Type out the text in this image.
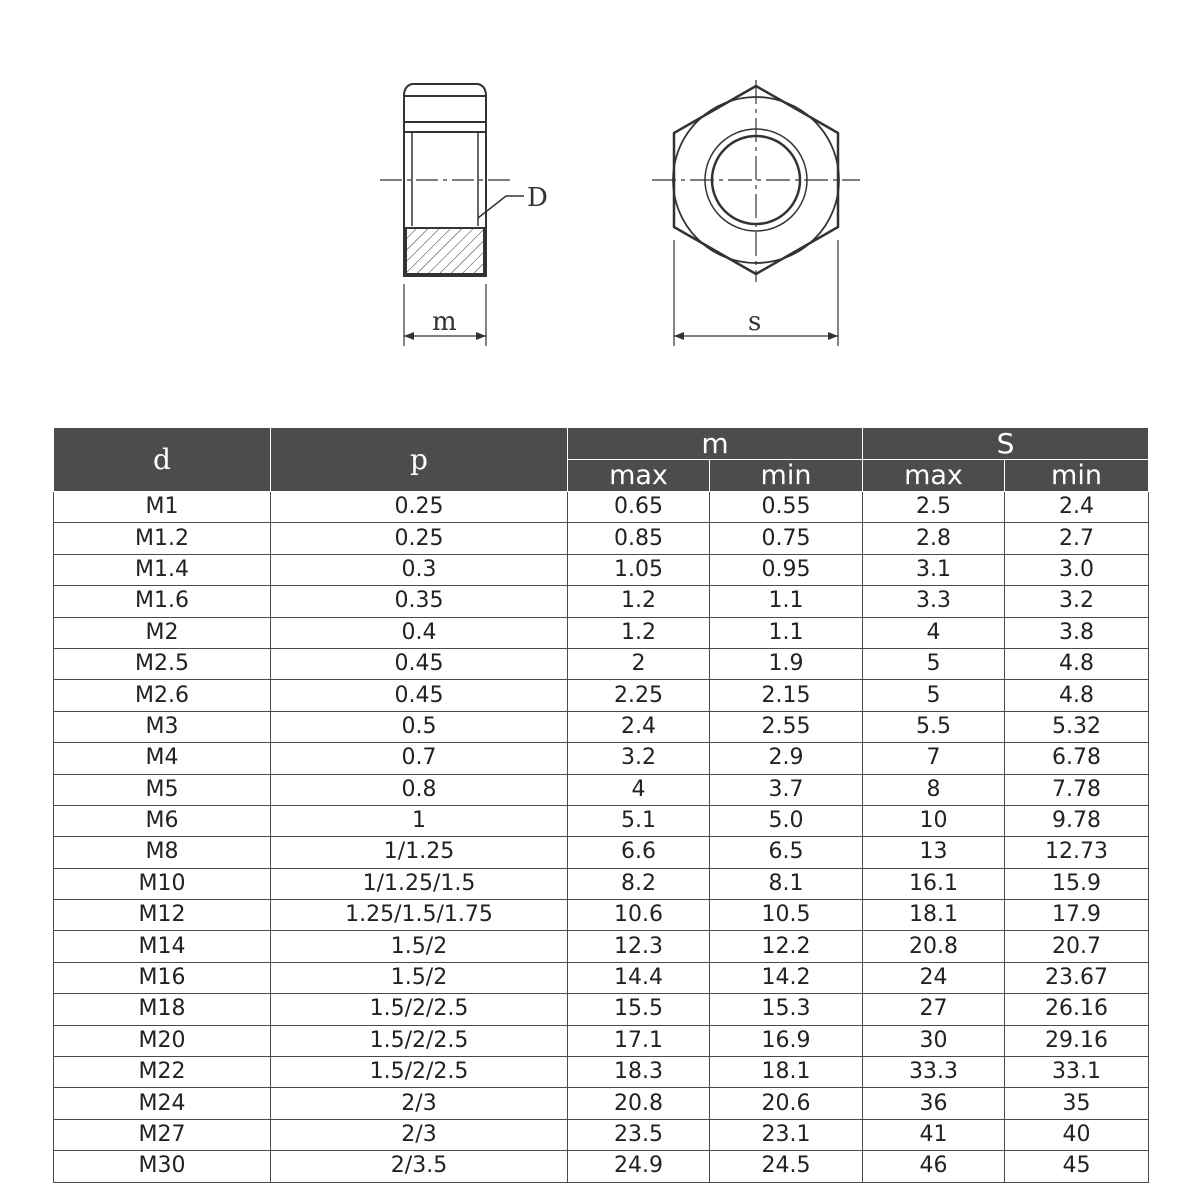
D
m	s
d	p	m		S	
		max	min	max	min
M1	0.25	0.65	0.55	2.5	2.4
M1.2	0.25	0.85	0.75	2.8	2.7
M1.4	0.3	1.05	0.95	3.1	3.0
M1.6	0.35	1.2	1.1	3.3	3.2
M2	0.4	1.2	1.1	4	3.8
M2.5	0.45	2	1.9	5	4.8
M2.6	0.45	2.25	2.15	5	4.8
M3	0.5	2.4	2.55	5.5	5.32
M4	0.7	3.2	2.9	7	6.78
M5	0.8	4	3.7	8	7.78
M6	1	5.1	5.0	10	9.78
M8	1/1.25	6.6	6.5	13	12.73
M10	1/1.25/1.5	8.2	8.1	16.1	15.9
M12	1.25/1.5/1.75	10.6	10.5	18.1	17.9
M14	1.5/2	12.3	12.2	20.8	20.7
M16	1.5/2	14.4	14.2	24	23.67
M18	1.5/2/2.5	15.5	15.3	27	26.16
M20	1.5/2/2.5	17.1	16.9	30	29.16
M22	1.5/2/2.5	18.3	18.1	33.3	33.1
M24	2/3	20.8	20.6	36	35
M27	2/3	23.5	23.1	41	40
M30	2/3.5	24.9	24.5	46	45
